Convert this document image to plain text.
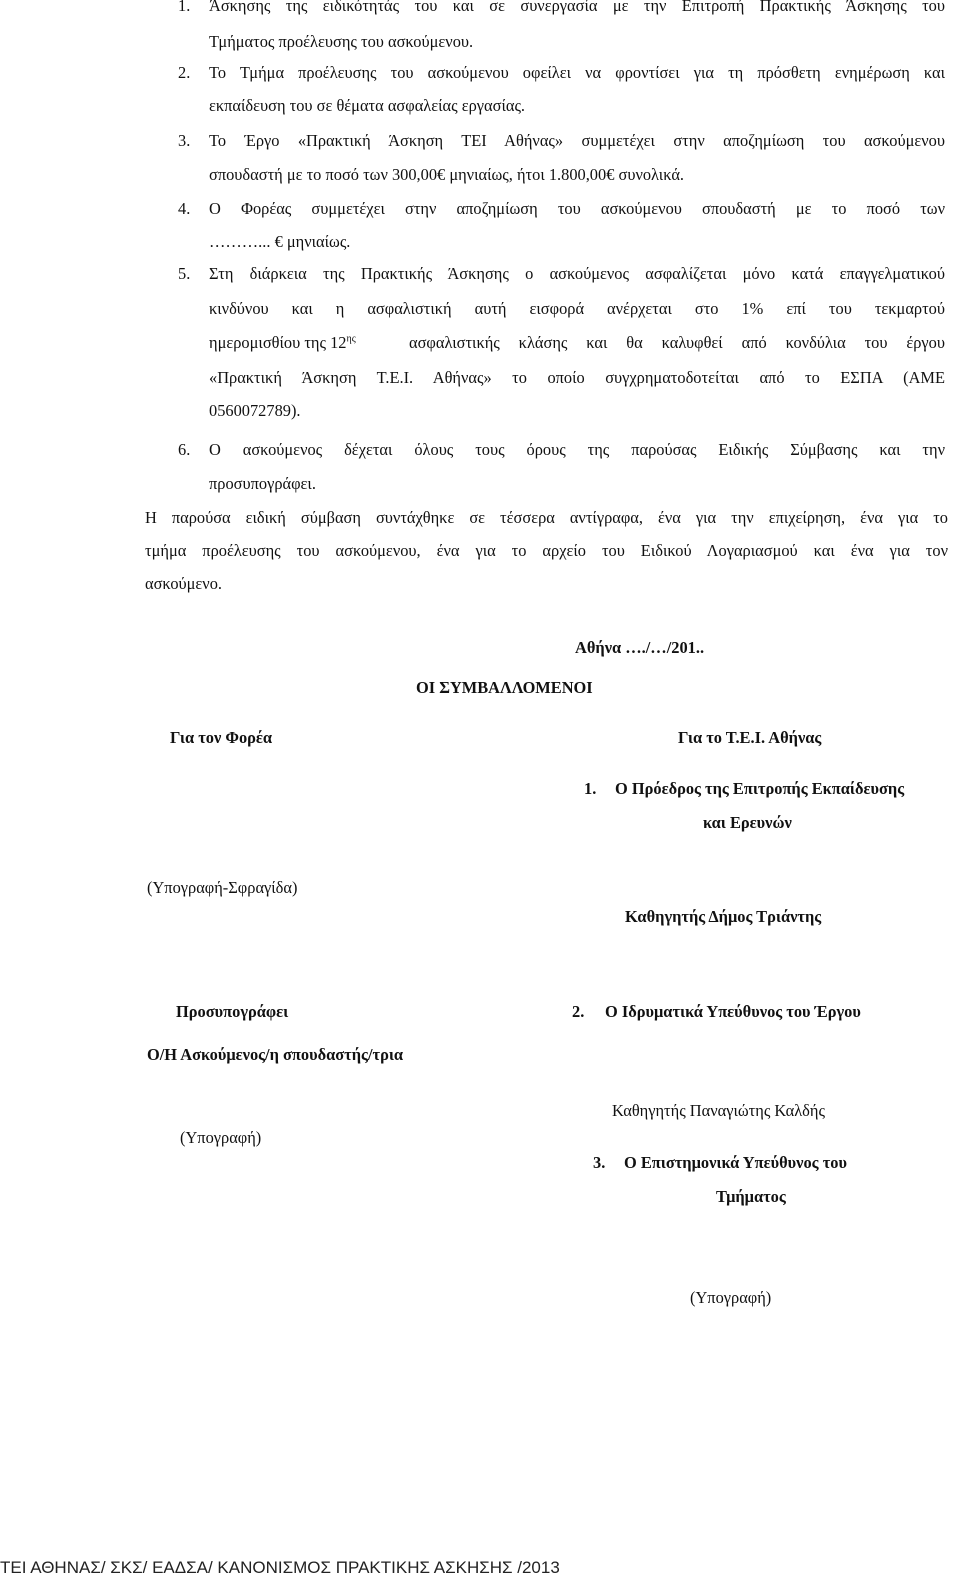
1. Άσκησης της ειδικότητάς του και σε συνεργασία με την Επιτροπή Πρακτικής Άσκησης του
Τμήματος προέλευσης του ασκούμενου.
2. Το Τμήμα προέλευσης του ασκούμενου οφείλει να φροντίσει για τη πρόσθετη ενημέρωση και
εκπαίδευση του σε θέματα ασφαλείας εργασίας.
3. Το Έργο «Πρακτική Άσκηση ΤΕΙ Αθήνας» συμμετέχει στην αποζημίωση του ασκούμενου
σπουδαστή με το ποσό των 300,00€ μηνιαίως, ήτοι 1.800,00€ συνολικά.
4. Ο Φορέας συμμετέχει στην αποζημίωση του ασκούμενου σπουδαστή με το ποσό των
………... € μηνιαίως.
5. Στη διάρκεια της Πρακτικής Άσκησης ο ασκούμενος ασφαλίζεται μόνο κατά επαγγελματικού
κινδύνου και η ασφαλιστική αυτή εισφορά ανέρχεται στο 1% επί του τεκμαρτού
ημερομισθίου της $12^{\eta\varsigma}$	ασφαλιστικής κλάσης και θα καλυφθεί από κονδύλια του έργου
«Πρακτική Άσκηση Τ.Ε.Ι. Αθήνας» το οποίο συγχρηματοδοτείται από το ΕΣΠΑ (ΑΜΕ
0560072789).
6. Ο ασκούμενος δέχεται όλους τους όρους της παρούσας Ειδικής Σύμβασης και την
προσυπογράφει.
Η παρούσα ειδική σύμβαση συντάχθηκε σε τέσσερα αντίγραφα, ένα για την επιχείρηση, ένα για το
τμήμα προέλευσης του ασκούμενου, ένα για το αρχείο του Ειδικού Λογαριασμού και ένα για τον
ασκούμενο.
Αθήνα …./…/201..
ΟΙ ΣΥΜΒΑΛΛΟΜΕΝΟΙ
Για τον Φορέα
(Υπογραφή-Σφραγίδα)
Προσυπογράφει
Ο/Η Ασκούμενος/η σπουδαστής/τρια
(Υπογραφή)
Για το Τ.Ε.Ι. Αθήνας
1. Ο Πρόεδρος της Επιτροπής Εκπαίδευσης
και Ερευνών
Καθηγητής Δήμος Τριάντης
2. Ο Ιδρυματικά Υπεύθυνος του Έργου
Καθηγητής Παναγιώτης Καλδής
3. Ο Επιστημονικά Υπεύθυνος του
Τμήματος
(Υπογραφή)
ΤΕΙ ΑΘΗΝΑΣ/ ΣΚΣ/ ΕΑΔΣΑ/ ΚΑΝΟΝΙΣΜΟΣ ΠΡΑΚΤΙΚΗΣ ΑΣΚΗΣΗΣ /2013
